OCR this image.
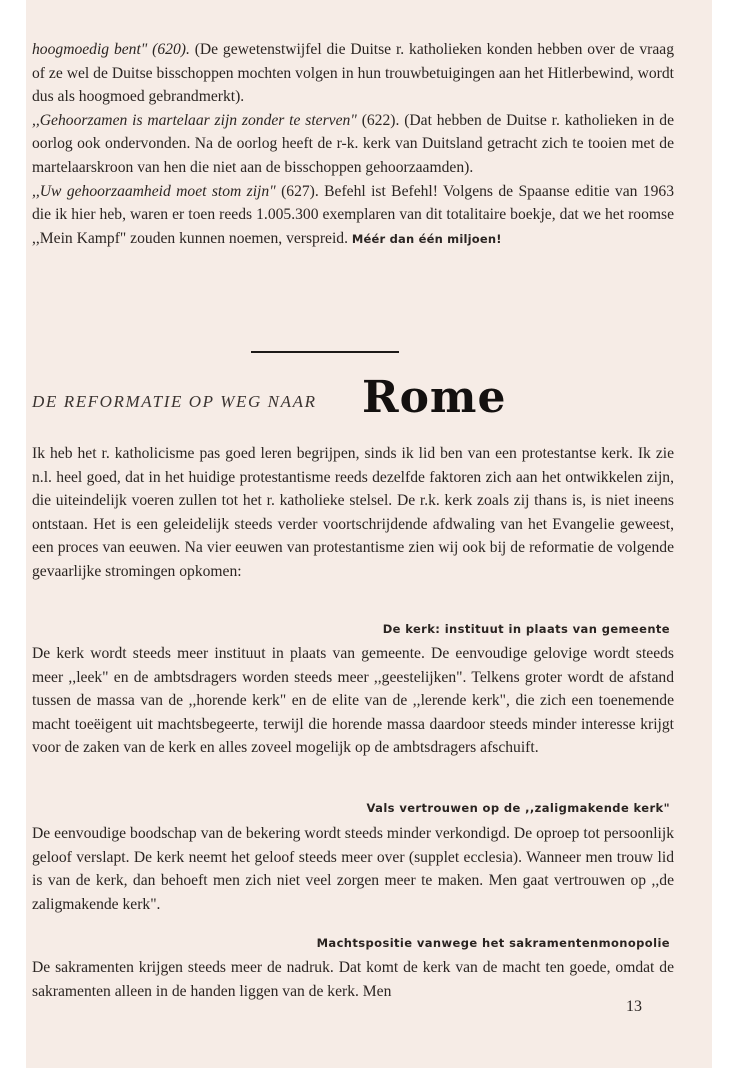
hoogmoedig bent" (620). (De gewetenstwijfel die Duitse r. katholieken konden hebben over de vraag of ze wel de Duitse bisschoppen mochten volgen in hun trouwbetuigingen aan het Hitlerbewind, wordt dus als hoogmoed gebrandmerkt).

,,Gehoorzamen is martelaar zijn zonder te sterven" (622). (Dat hebben de Duitse r. katholieken in de oorlog ook ondervonden. Na de oorlog heeft de r-k. kerk van Duitsland getracht zich te tooien met de martelaarskroon van hen die niet aan de bisschoppen gehoorzaamden).

,,Uw gehoorzaamheid moet stom zijn" (627). Befehl ist Befehl! Volgens de Spaanse editie van 1963 die ik hier heb, waren er toen reeds 1.005.300 exemplaren van dit totalitaire boekje, dat we het roomse ,,Mein Kampf" zouden kunnen noemen, verspreid. Méér dan één miljoen!

DE REFORMATIE OP WEG NAAR Rome

Ik heb het r. katholicisme pas goed leren begrijpen, sinds ik lid ben van een protestantse kerk. Ik zie n.l. heel goed, dat in het huidige protestantisme reeds dezelfde faktoren zich aan het ontwikkelen zijn, die uiteindelijk voeren zullen tot het r. katholieke stelsel. De r.k. kerk zoals zij thans is, is niet ineens ontstaan. Het is een geleidelijk steeds verder voortschrijdende afdwaling van het Evangelie geweest, een proces van eeuwen. Na vier eeuwen van protestantisme zien wij ook bij de reformatie de volgende gevaarlijke stromingen opkomen:

De kerk: instituut in plaats van gemeente

De kerk wordt steeds meer instituut in plaats van gemeente. De eenvoudige gelovige wordt steeds meer ,,leek" en de ambtsdragers worden steeds meer ,,geestelijken". Telkens groter wordt de afstand tussen de massa van de ,,horende kerk" en de elite van de ,,lerende kerk", die zich een toenemende macht toeëigent uit machtsbegeerte, terwijl die horende massa daardoor steeds minder interesse krijgt voor de zaken van de kerk en alles zoveel mogelijk op de ambtsdragers afschuift.

Vals vertrouwen op de ,,zaligmakende kerk"

De eenvoudige boodschap van de bekering wordt steeds minder verkondigd. De oproep tot persoonlijk geloof verslapt. De kerk neemt het geloof steeds meer over (supplet ecclesia). Wanneer men trouw lid is van de kerk, dan behoeft men zich niet veel zorgen meer te maken. Men gaat vertrouwen op ,,de zaligmakende kerk".

Machtspositie vanwege het sakramentenmonopolie

De sakramenten krijgen steeds meer de nadruk. Dat komt de kerk van de macht ten goede, omdat de sakramenten alleen in de handen liggen van de kerk. Men

13
